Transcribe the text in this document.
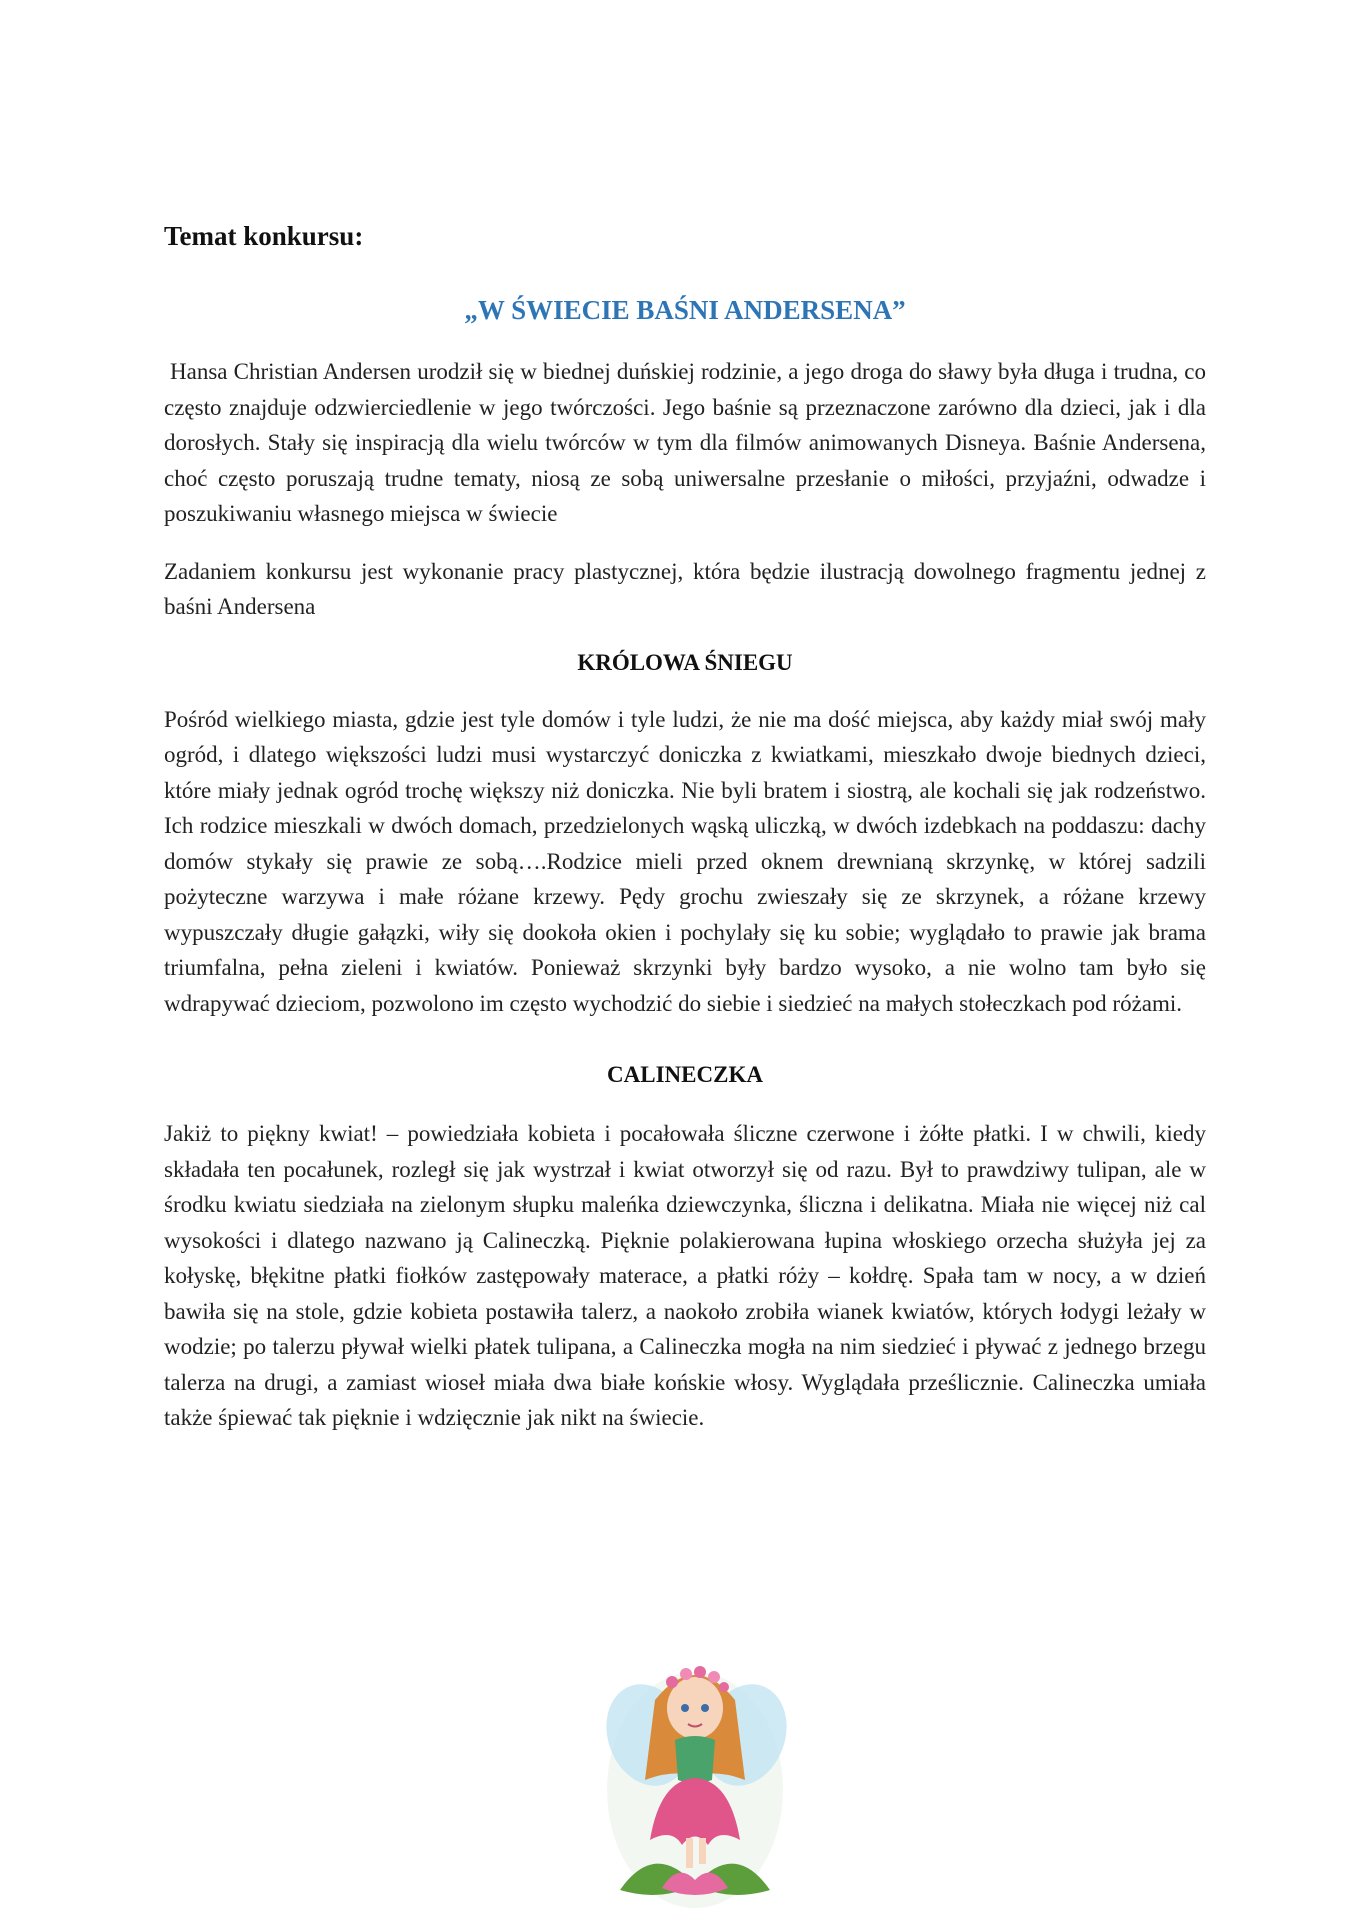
Temat konkursu:
„W ŚWIECIE BAŚNI ANDERSENA”

Hansa Christian Andersen urodził się w biednej duńskiej rodzinie, a jego droga do sławy była długa i trudna, co często znajduje odzwierciedlenie w jego twórczości. Jego baśnie są przeznaczone zarówno dla dzieci, jak i dla dorosłych. Stały się inspiracją dla wielu twórców w tym dla filmów animowanych Disneya. Baśnie Andersena, choć często poruszają trudne tematy, niosą ze sobą uniwersalne przesłanie o miłości, przyjaźni, odwadze i poszukiwaniu własnego miejsca w świecie

Zadaniem konkursu jest wykonanie pracy plastycznej, która będzie ilustracją dowolnego fragmentu jednej z baśni Andersena

KRÓLOWA ŚNIEGU

Pośród wielkiego miasta, gdzie jest tyle domów i tyle ludzi, że nie ma dość miejsca, aby każdy miał swój mały ogród, i dlatego większości ludzi musi wystarczyć doniczka z kwiatkami, mieszkało dwoje biednych dzieci, które miały jednak ogród trochę większy niż doniczka. Nie byli bratem i siostrą, ale kochali się jak rodzeństwo. Ich rodzice mieszkali w dwóch domach, przedzielonych wąską uliczką, w dwóch izdebkach na poddaszu: dachy domów stykały się prawie ze sobą….Rodzice mieli przed oknem drewnianą skrzynkę, w której sadzili pożyteczne warzywa i małe różane krzewy. Pędy grochu zwieszały się ze skrzynek, a różane krzewy wypuszczały długie gałązki, wiły się dookoła okien i pochylały się ku sobie; wyglądało to prawie jak brama triumfalna, pełna zieleni i kwiatów. Ponieważ skrzynki były bardzo wysoko, a nie wolno tam było się wdrapywać dzieciom, pozwolono im często wychodzić do siebie i siedzieć na małych stołeczkach pod różami.

CALINECZKA

Jakiż to piękny kwiat! – powiedziała kobieta i pocałowała śliczne czerwone i żółte płatki. I w chwili, kiedy składała ten pocałunek, rozległ się jak wystrzał i kwiat otworzył się od razu. Był to prawdziwy tulipan, ale w środku kwiatu siedziała na zielonym słupku maleńka dziewczynka, śliczna i delikatna. Miała nie więcej niż cal wysokości i dlatego nazwano ją Calineczką. Pięknie polakierowana łupina włoskiego orzecha służyła jej za kołyskę, błękitne płatki fiołków zastępowały materace, a płatki róży – kołdrę. Spała tam w nocy, a w dzień bawiła się na stole, gdzie kobieta postawiła talerz, a naokoło zrobiła wianek kwiatów, których łodygi leżały w wodzie; po talerzu pływał wielki płatek tulipana, a Calineczka mogła na nim siedzieć i pływać z jednego brzegu talerza na drugi, a zamiast wioseł miała dwa białe końskie włosy. Wyglądała prześlicznie. Calineczka umiała także śpiewać tak pięknie i wdzięcznie jak nikt na świecie.
